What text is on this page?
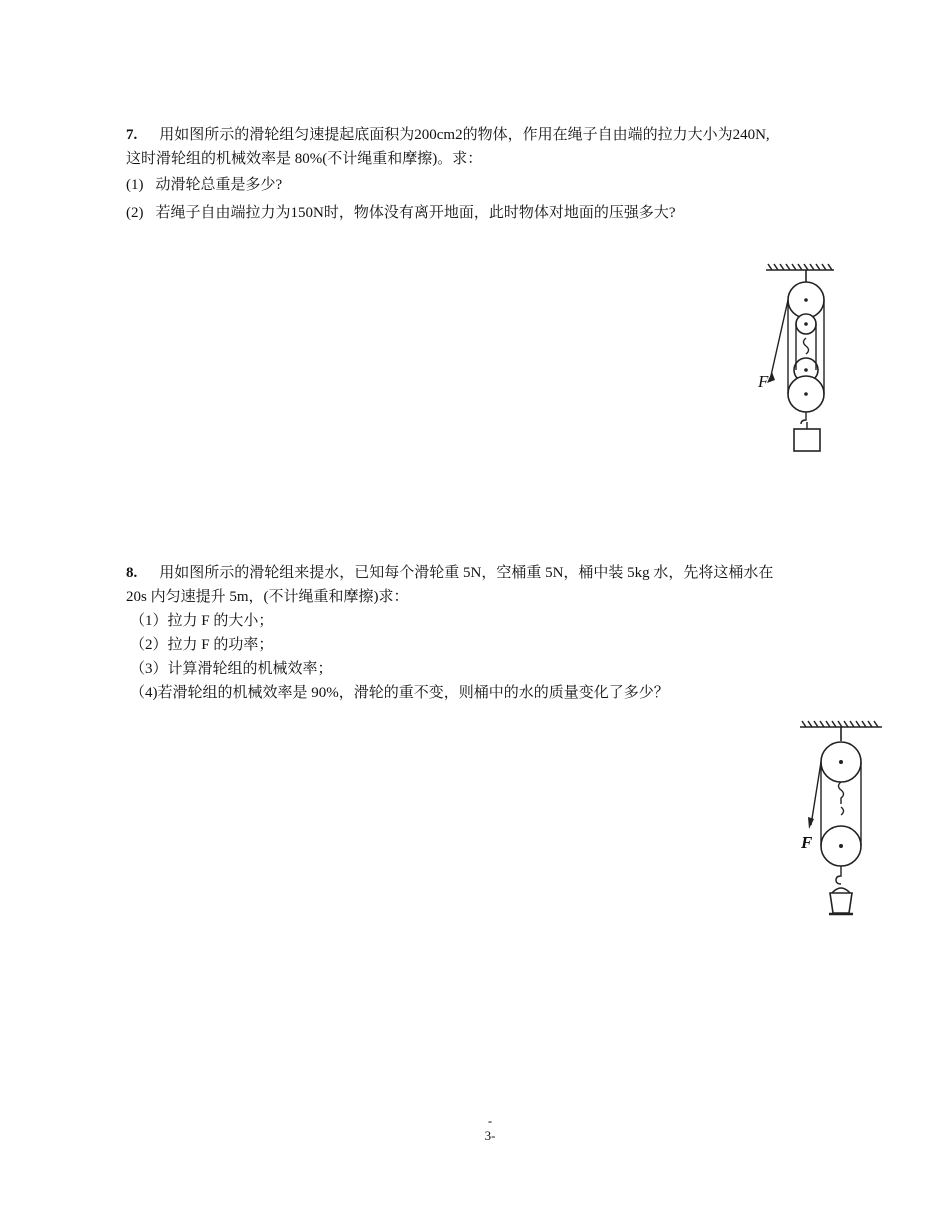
7. 用如图所示的滑轮组匀速提起底面积为200cm2的物体，作用在绳子自由端的拉力大小为240N,
这时滑轮组的机械效率是 80%(不计绳重和摩擦)。求：
(1) 动滑轮总重是多少?
(2) 若绳子自由端拉力为150N时，物体没有离开地面，此时物体对地面的压强多大?
F
8. 用如图所示的滑轮组来提水，已知每个滑轮重 5N，空桶重 5N，桶中装 5kg 水，先将这桶水在
20s 内匀速提升 5m，(不计绳重和摩擦)求：
（1）拉力 F 的大小；
（2）拉力 F 的功率；
（3）计算滑轮组的机械效率；
（4)若滑轮组的机械效率是 90%，滑轮的重不变，则桶中的水的质量变化了多少？
F
-
3-
